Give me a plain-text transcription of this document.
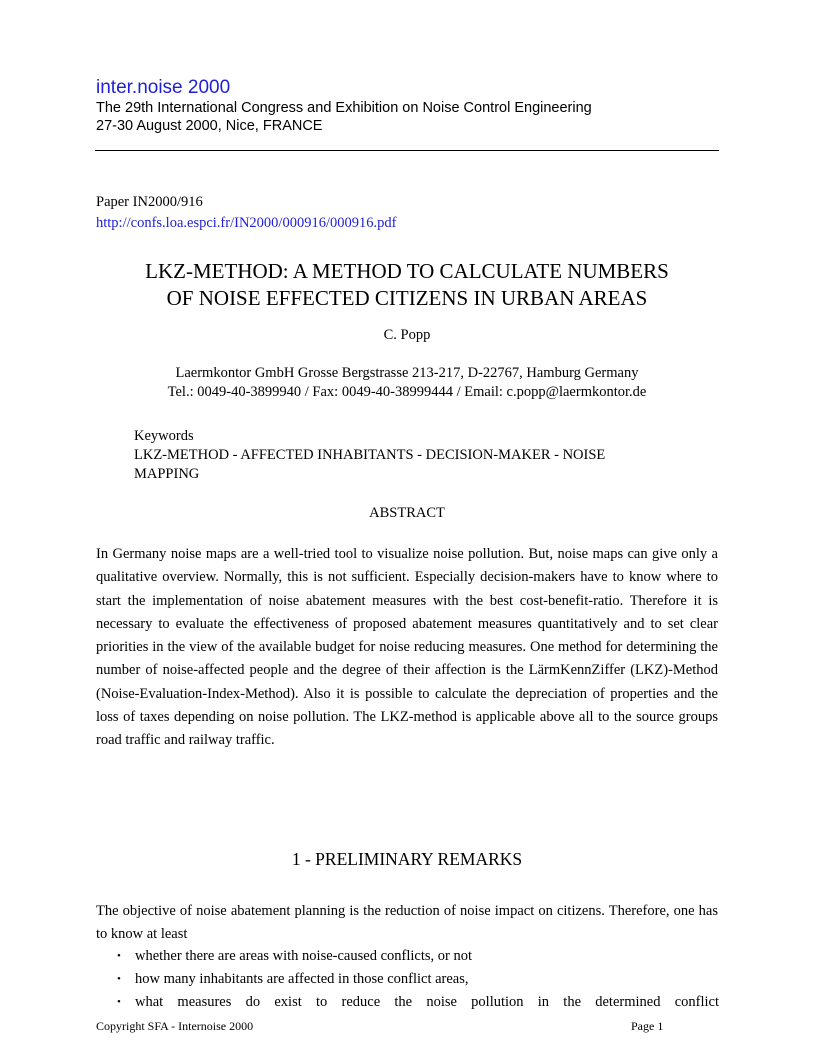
inter.noise 2000
The 29th International Congress and Exhibition on Noise Control Engineering
27-30 August 2000, Nice, FRANCE
Paper IN2000/916
http://confs.loa.espci.fr/IN2000/000916/000916.pdf
LKZ-METHOD: A METHOD TO CALCULATE NUMBERS
OF NOISE EFFECTED CITIZENS IN URBAN AREAS
C. Popp
Laermkontor GmbH Grosse Bergstrasse 213-217, D-22767, Hamburg Germany
Tel.: 0049-40-3899940 / Fax: 0049-40-38999444 / Email: c.popp@laermkontor.de
Keywords
LKZ-METHOD - AFFECTED INHABITANTS - DECISION-MAKER - NOISE
MAPPING
ABSTRACT
In Germany noise maps are a well-tried tool to visualize noise pollution. But, noise maps can give only a qualitative overview. Normally, this is not sufficient. Especially decision-makers have to know where to start the implementation of noise abatement measures with the best cost-benefit-ratio. Therefore it is necessary to evaluate the effectiveness of proposed abatement measures quantitatively and to set clear priorities in the view of the available budget for noise reducing measures. One method for determining the number of noise-affected people and the degree of their affection is the LärmKennZiffer (LKZ)-Method (Noise-Evaluation-Index-Method). Also it is possible to calculate the depreciation of properties and the loss of taxes depending on noise pollution. The LKZ-method is applicable above all to the source groups road traffic and railway traffic.
1 - PRELIMINARY REMARKS
The objective of noise abatement planning is the reduction of noise impact on citizens. Therefore, one has to know at least
• whether there are areas with noise-caused conflicts, or not
• how many inhabitants are affected in those conflict areas,
• what measures do exist to reduce the noise pollution in the determined conflict
Copyright SFA - Internoise 2000	Page 1
